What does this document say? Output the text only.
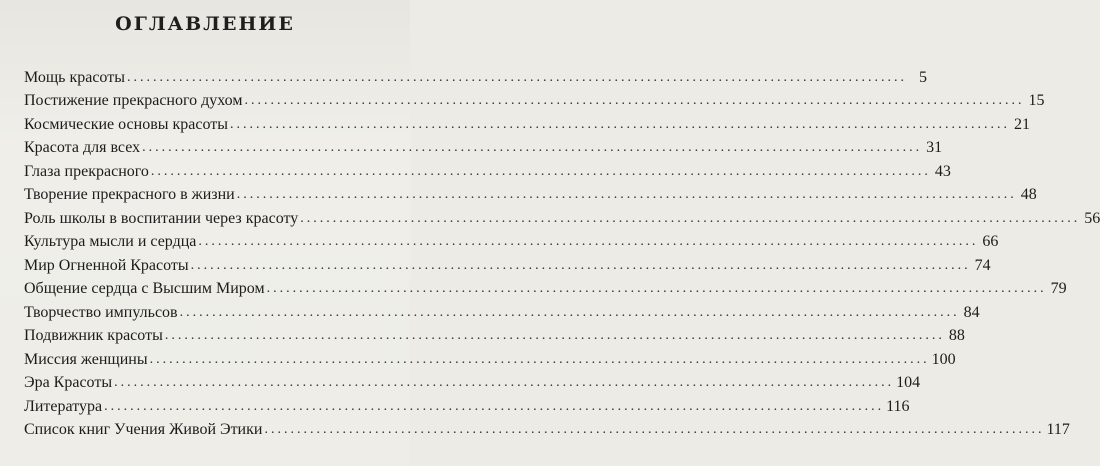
ОГЛАВЛЕНИЕ
Мощь красоты ........................................................................................................................ 5
Постижение прекрасного духом ........................................................................................................................ 15
Космические основы красоты ........................................................................................................................ 21
Красота для всех ........................................................................................................................ 31
Глаза прекрасного ........................................................................................................................ 43
Творение прекрасного в жизни ........................................................................................................................ 48
Роль школы в воспитании через красоту ........................................................................................................................ 56
Культура мысли и сердца ........................................................................................................................ 66
Мир Огненной Красоты ........................................................................................................................ 74
Общение сердца с Высшим Миром ........................................................................................................................ 79
Творчество импульсов ........................................................................................................................ 84
Подвижник красоты ........................................................................................................................ 88
Миссия женщины ........................................................................................................................ 100
Эра Красоты ........................................................................................................................ 104
Литература ........................................................................................................................ 116
Список книг Учения Живой Этики ........................................................................................................................ 117
